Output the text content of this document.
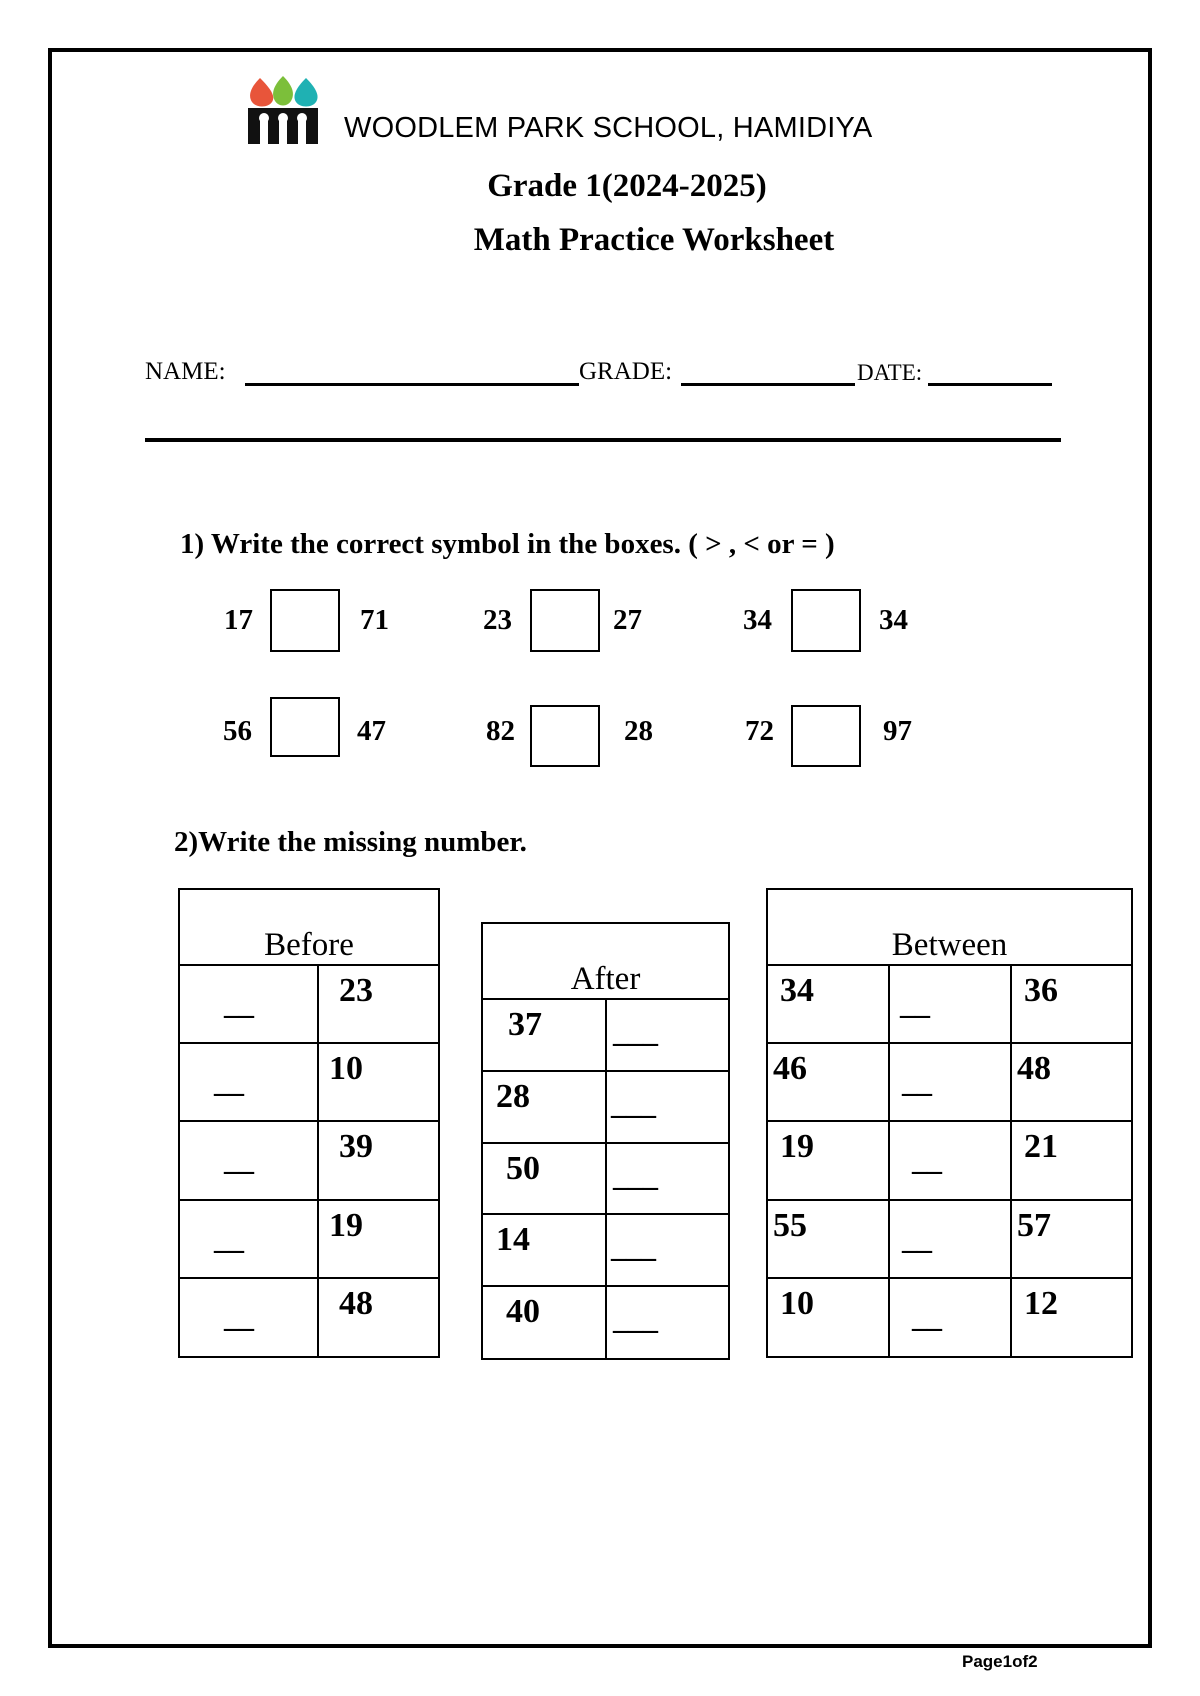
WOODLEM PARK SCHOOL, HAMIDIYA
Grade 1(2024-2025)
Math Practice Worksheet
NAME:	GRADE:	DATE:
1) Write the correct symbol in the boxes. ( > , < or = )
17	71	23	27	34	34
56	47	82	28	72	97
2)Write the missing number.
Before	

__	23

__	10

__	39

__	19

__	48
After	

37	___

28	___

50	___

14	___

40	___
Between		

34	__	36

46	__	48

19	__	21

55	__	57

10	__	12
Page1of2
